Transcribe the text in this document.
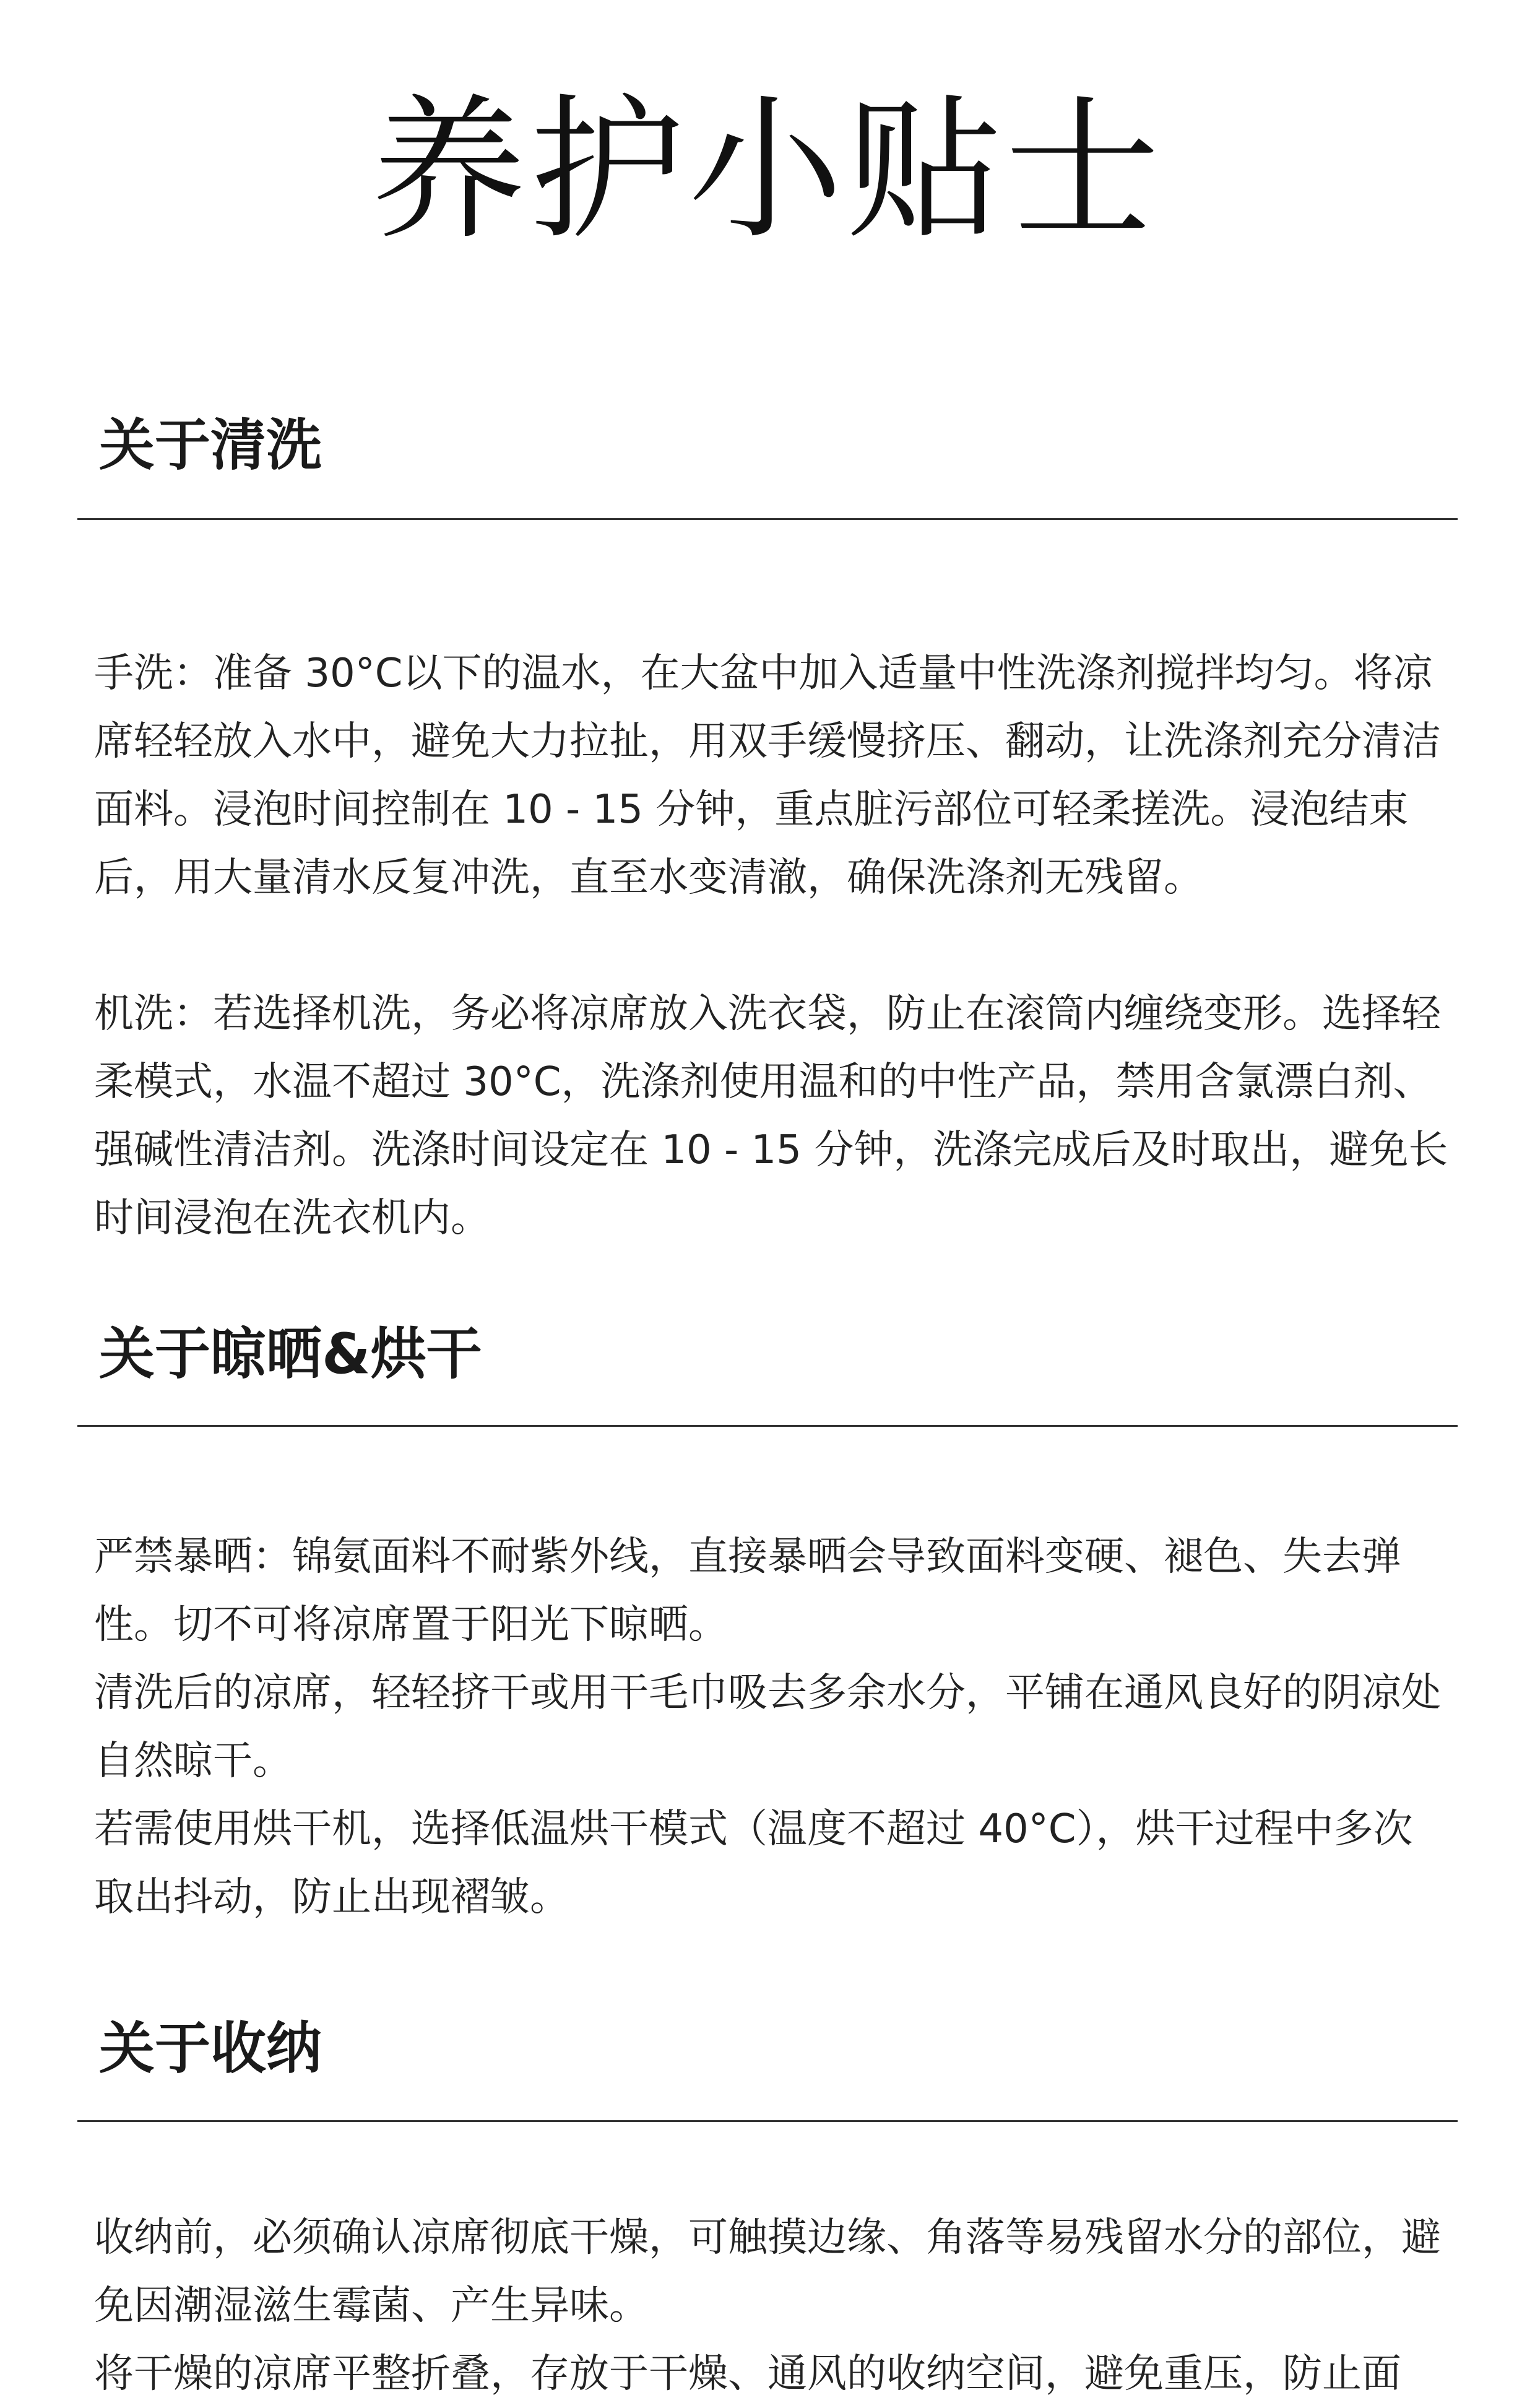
养护小贴士
关于清洗

手洗：准备 30°C以下的温水，在大盆中加入适量中性洗涤剂搅拌均匀。将凉席轻轻放入水中，避免大力拉扯，用双手缓慢挤压、翻动，让洗涤剂充分清洁面料。浸泡时间控制在 10 - 15 分钟，重点脏污部位可轻柔搓洗。浸泡结束后，用大量清水反复冲洗，直至水变清澈，确保洗涤剂无残留。

机洗：若选择机洗，务必将凉席放入洗衣袋，防止在滚筒内缠绕变形。选择轻柔模式，水温不超过 30°C，洗涤剂使用温和的中性产品，禁用含氯漂白剂、强碱性清洁剂。洗涤时间设定在 10 - 15 分钟，洗涤完成后及时取出，避免长时间浸泡在洗衣机内。

关于晾晒&烘干

严禁暴晒：锦氨面料不耐紫外线，直接暴晒会导致面料变硬、褪色、失去弹性。切不可将凉席置于阳光下晾晒。

清洗后的凉席，轻轻挤干或用干毛巾吸去多余水分，平铺在通风良好的阴凉处自然晾干。

若需使用烘干机，选择低温烘干模式（温度不超过 40°C），烘干过程中多次取出抖动，防止出现褶皱。

关于收纳

收纳前，必须确认凉席彻底干燥，可触摸边缘、角落等易残留水分的部位，避免因潮湿滋生霉菌、产生异味。

将干燥的凉席平整折叠，存放于干燥、通风的收纳空间，避免重压，防止面
